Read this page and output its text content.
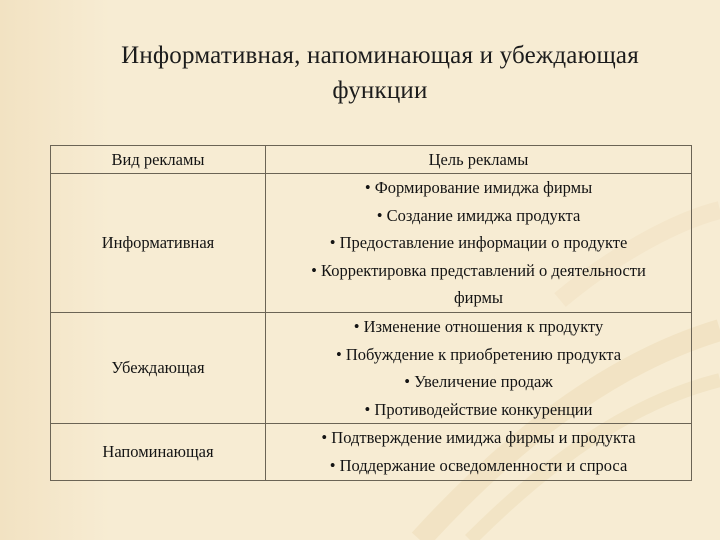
Информативная, напоминающая и убеждающая
функции
Вид рекламы	Цель рекламы
Информативная	• Формирование имиджа фирмы
• Создание имиджа продукта
• Предоставление информации о продукте
• Корректировка представлений о деятельности
фирмы

Убеждающая	• Изменение отношения к продукту
• Побуждение к приобретению продукта
• Увеличение продаж
• Противодействие конкуренции

Напоминающая	• Подтверждение имиджа фирмы и продукта
• Поддержание осведомленности и спроса
